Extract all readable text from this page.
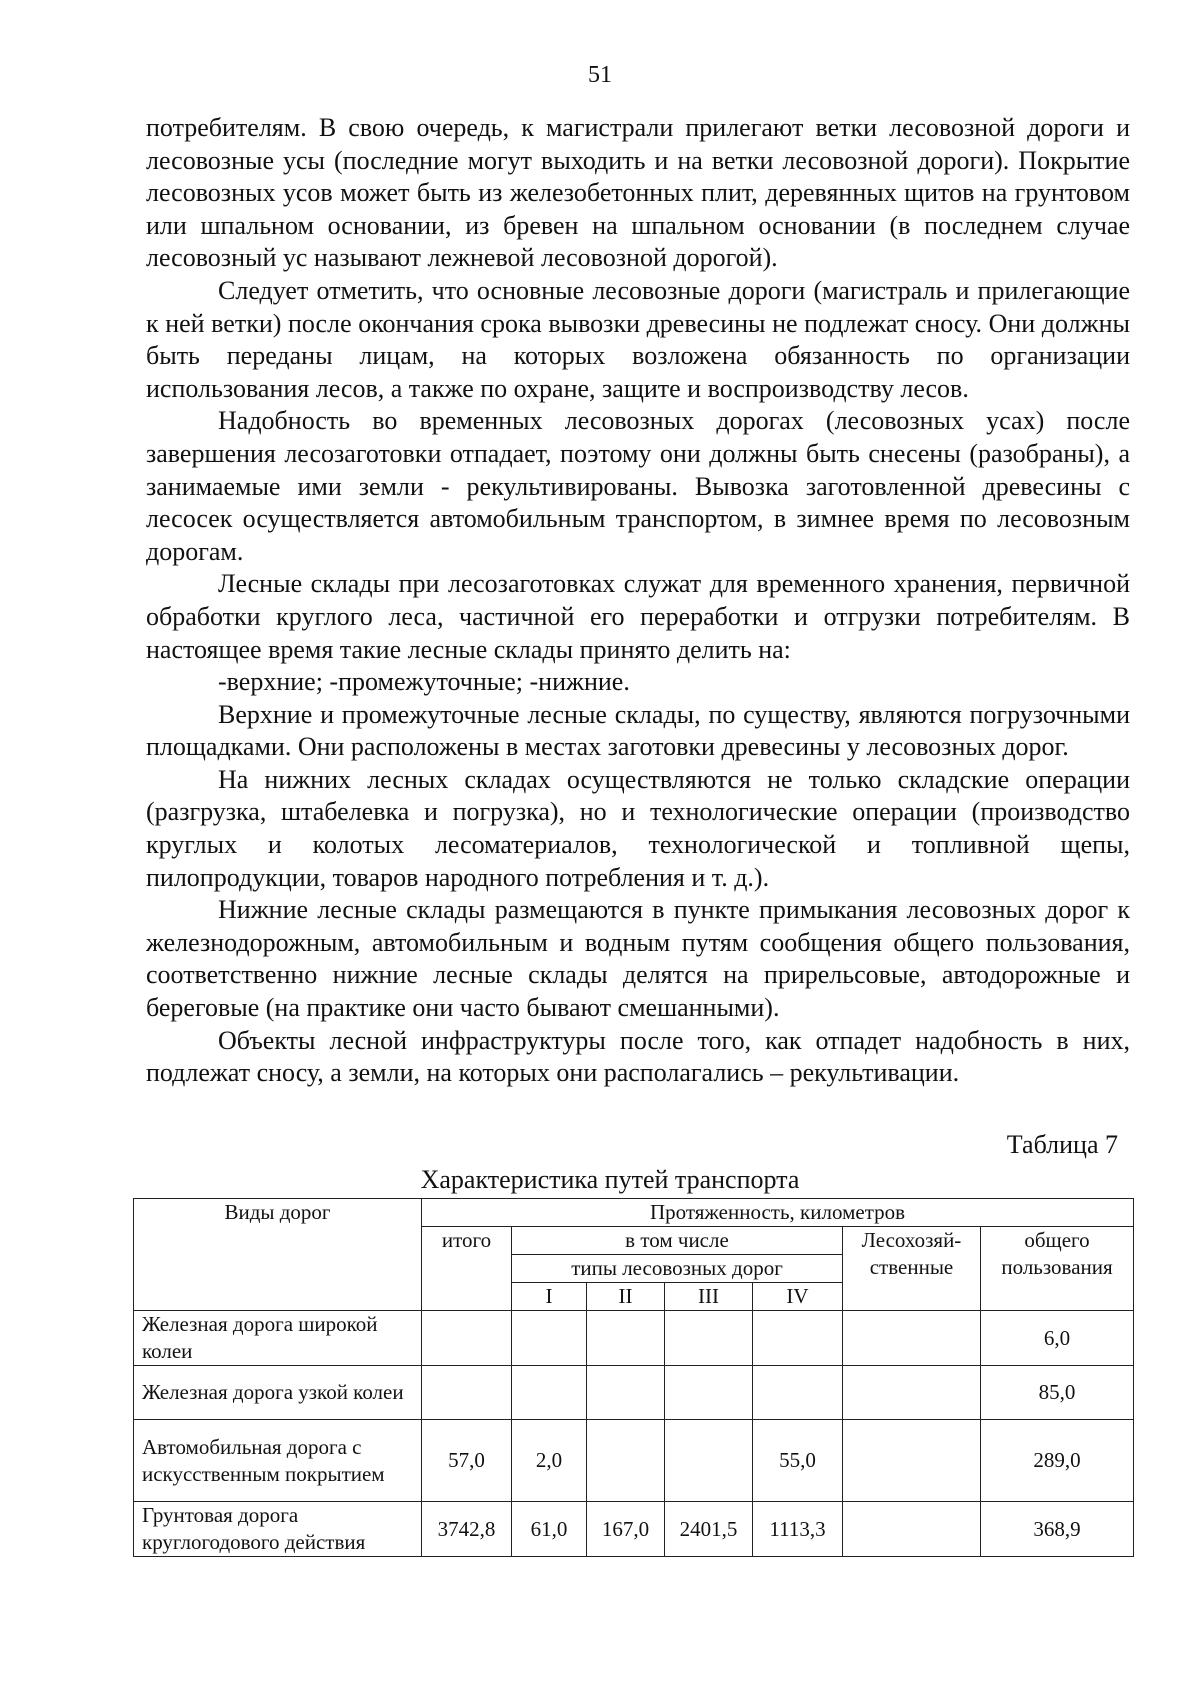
51

потребителям. В свою очередь, к магистрали прилегают ветки лесовозной дороги и лесовозные усы (последние могут выходить и на ветки лесовозной дороги). Покрытие лесовозных усов может быть из железобетонных плит, деревянных щитов на грунтовом или шпальном основании, из бревен на шпальном основании (в последнем случае лесовозный ус называют лежневой лесовозной дорогой).

Следует отметить, что основные лесовозные дороги (магистраль и прилегающие к ней ветки) после окончания срока вывозки древесины не подлежат сносу. Они должны быть переданы лицам, на которых возложена обязанность по организации использования лесов, а также по охране, защите и воспроизводству лесов.

Надобность во временных лесовозных дорогах (лесовозных усах) после завершения лесозаготовки отпадает, поэтому они должны быть снесены (разобраны), а занимаемые ими земли - рекультивированы. Вывозка заготовленной древесины с лесосек осуществляется автомобильным транспортом, в зимнее время по лесовозным дорогам.

Лесные склады при лесозаготовках служат для временного хранения, первичной обработки круглого леса, частичной его переработки и отгрузки потребителям. В настоящее время такие лесные склады принято делить на:

-верхние; -промежуточные; -нижние.

Верхние и промежуточные лесные склады, по существу, являются погрузочными площадками. Они расположены в местах заготовки древесины у лесовозных дорог.

На нижних лесных складах осуществляются не только складские операции (разгрузка, штабелевка и погрузка), но и технологические операции (производство круглых и колотых лесоматериалов, технологической и топливной щепы, пилопродукции, товаров народного потребления и т. д.).

Нижние лесные склады размещаются в пункте примыкания лесовозных дорог к железнодорожным, автомобильным и водным путям сообщения общего пользования, соответственно нижние лесные склады делятся на прирельсовые, автодорожные и береговые (на практике они часто бывают смешанными).

Объекты лесной инфраструктуры после того, как отпадет надобность в них, подлежат сносу, а земли, на которых они располагались – рекультивации.

Таблица 7
Характеристика путей транспорта
Виды дорог	Протяженность, километров						
	итого	в том числе				Лесохозяй-ственные	общего пользования
		типы лесовозных дорог					
		I	II	III	IV		
Железная дорога широкой колеи							6,0
Железная дорога узкой колеи							85,0
Автомобильная дорога с искусственным покрытием	57,0	2,0			55,0		289,0
Грунтовая дорога круглогодового действия	3742,8	61,0	167,0	2401,5	1113,3		368,9
